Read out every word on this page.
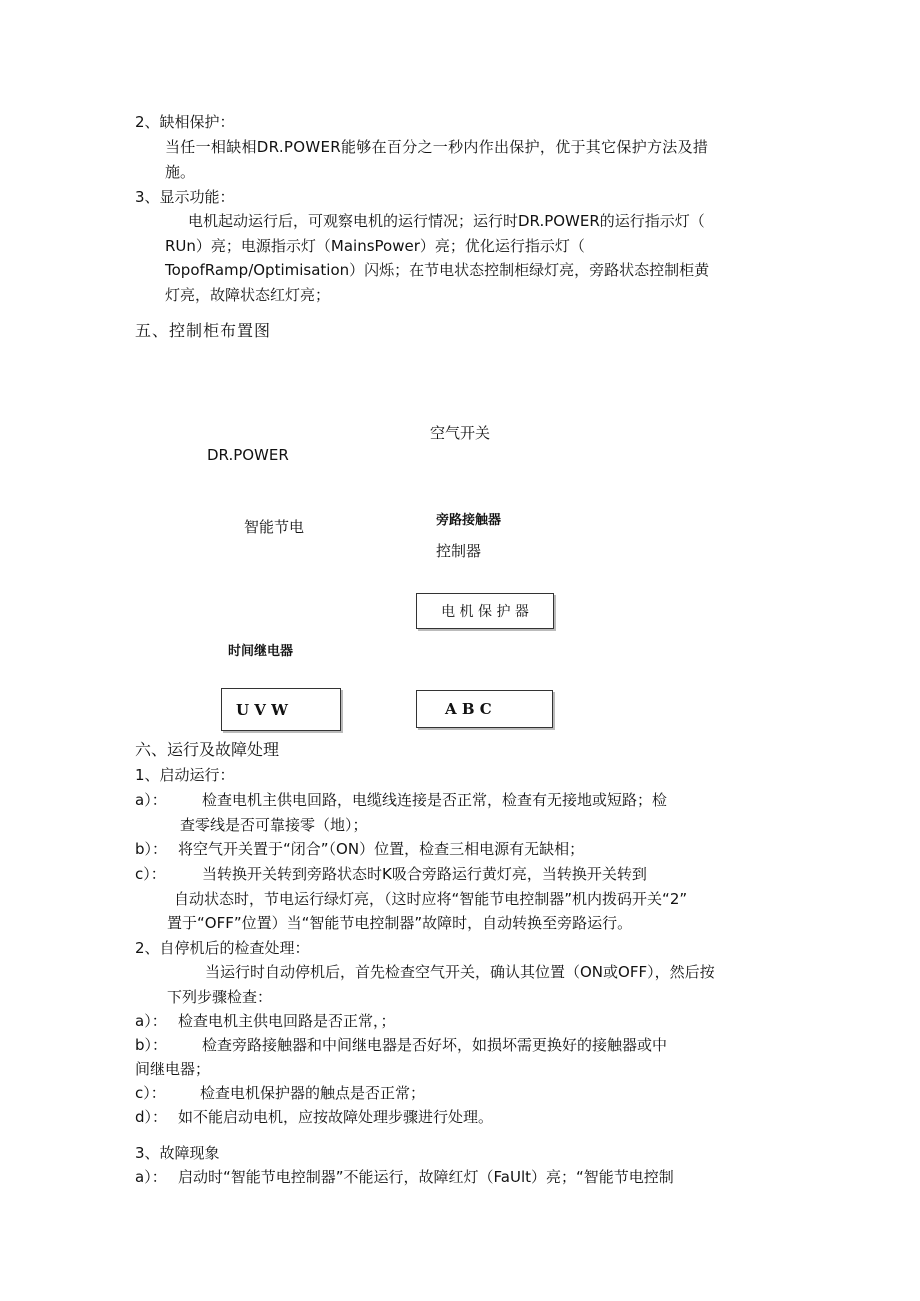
2、缺相保护：
当任一相缺相DR.POWER能够在百分之一秒内作出保护，优于其它保护方法及措
施。
3、显示功能：
电机起动运行后，可观察电机的运行情况；运行时DR.POWER的运行指示灯（
RUn）亮；电源指示灯（MainsPower）亮；优化运行指示灯（
TopofRamp/Optimisation）闪烁；在节电状态控制柜绿灯亮，旁路状态控制柜黄
灯亮，故障状态红灯亮；
五、控制柜布置图
空气开关
DR.POWER
智能节电	旁路接触器
控制器
电 机 保 护 器
时间继电器
U V W	A B C
六、运行及故障处理
1、启动运行：
a）： 检查电机主供电回路，电缆线连接是否正常，检查有无接地或短路；检
查零线是否可靠接零（地）；
b）： 将空气开关置于“闭合”（ON）位置，检查三相电源有无缺相；
c）： 当转换开关转到旁路状态时K吸合旁路运行黄灯亮，当转换开关转到
自动状态时，节电运行绿灯亮，（这时应将“智能节电控制器”机内拨码开关“2”
置于“OFF”位置）当“智能节电控制器”故障时，自动转换至旁路运行。
2、自停机后的检查处理：
当运行时自动停机后，首先检查空气开关，确认其位置（ON或OFF），然后按
下列步骤检查：
a）： 检查电机主供电回路是否正常，；
b）： 检查旁路接触器和中间继电器是否好坏，如损坏需更换好的接触器或中
间继电器；
c）： 检查电机保护器的触点是否正常；
d）： 如不能启动电机，应按故障处理步骤进行处理。
3、故障现象
a）： 启动时“智能节电控制器”不能运行，故障红灯（FaUlt）亮；“智能节电控制
